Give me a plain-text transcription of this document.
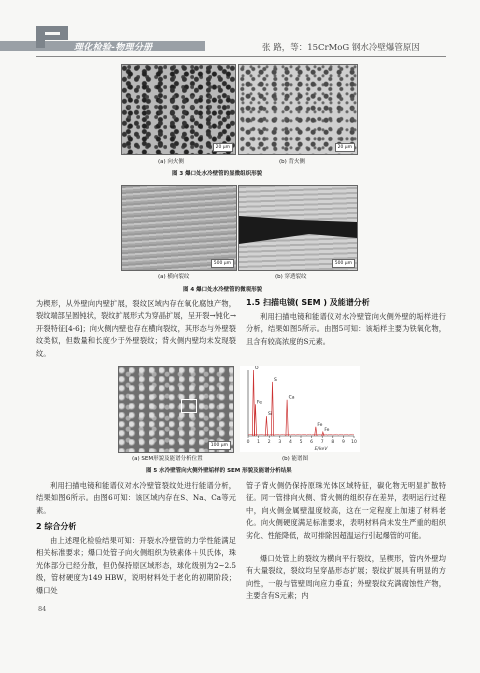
理化检验-物理分册	张 路，等：15CrMoG 钢水冷壁爆管原因
20 μm	20 μm
(a) 向火侧	(b) 背火侧
图 3 爆口处水冷壁管的显微组织形貌
500 μm	500 μm
(a) 横向裂纹	(b) 穿透裂纹
图 4 爆口处水冷壁管的微观形貌
为楔形，从外壁向内壁扩展，裂纹区域内存在氧化腐蚀产物，裂纹端部呈圆钝状，裂纹扩展形式为穿晶扩展，呈开裂→钝化→开裂特征[4-6]；向火侧内壁也存在横向裂纹，其形态与外壁裂纹类似，但数量和长度少于外壁裂纹；背火侧内壁均未发现裂纹。
1.5 扫描电镜( SEM ) 及能谱分析
利用扫描电镜和能谱仪对水冷壁管向火侧外壁的垢样进行分析，结果如图5所示。由图5可知：该垢样主要为铁氧化物，且含有较高浓度的S元素。
100 μm
0 1 2 3 4 5 6 7 8 9 10
E/keV
Fe
O
Si
S
Ca
Fe
Fe
(a) SEM形貌及能谱分析位置	(b) 能谱图
图 5 水冷壁管向火侧外壁垢样的 SEM 形貌及能谱分析结果
利用扫描电镜和能谱仪对水冷壁管裂纹处进行能谱分析，结果如图6所示。由图6可知：该区域内存在S、Na、Ca等元素。
2 综合分析
由上述理化检验结果可知：开裂水冷壁管的力学性能满足相关标准要求；爆口处管子向火侧组织为铁素体＋贝氏体，珠光体部分已经分散，但仍保持原区域形态，球化级别为2~2.5级，管材硬度为149 HBW，说明材料处于老化的初期阶段；爆口处
管子背火侧仍保持原珠光体区域特征，碳化物无明显扩散特征。同一管排向火侧、背火侧的组织存在差异，表明运行过程中，向火侧金属壁温度较高，这在一定程度上加速了材料老化。向火侧硬度满足标准要求，表明材料尚未发生严重的组织劣化、性能降低，故可排除因超温运行引起爆管的可能。
爆口处管上的裂纹为横向平行裂纹，呈楔形，管内外壁均有大量裂纹，裂纹均呈穿晶形态扩展；裂纹扩展具有明显的方向性，一般与管壁周向应力垂直；外壁裂纹充满腐蚀性产物，主要含有S元素；内
84
